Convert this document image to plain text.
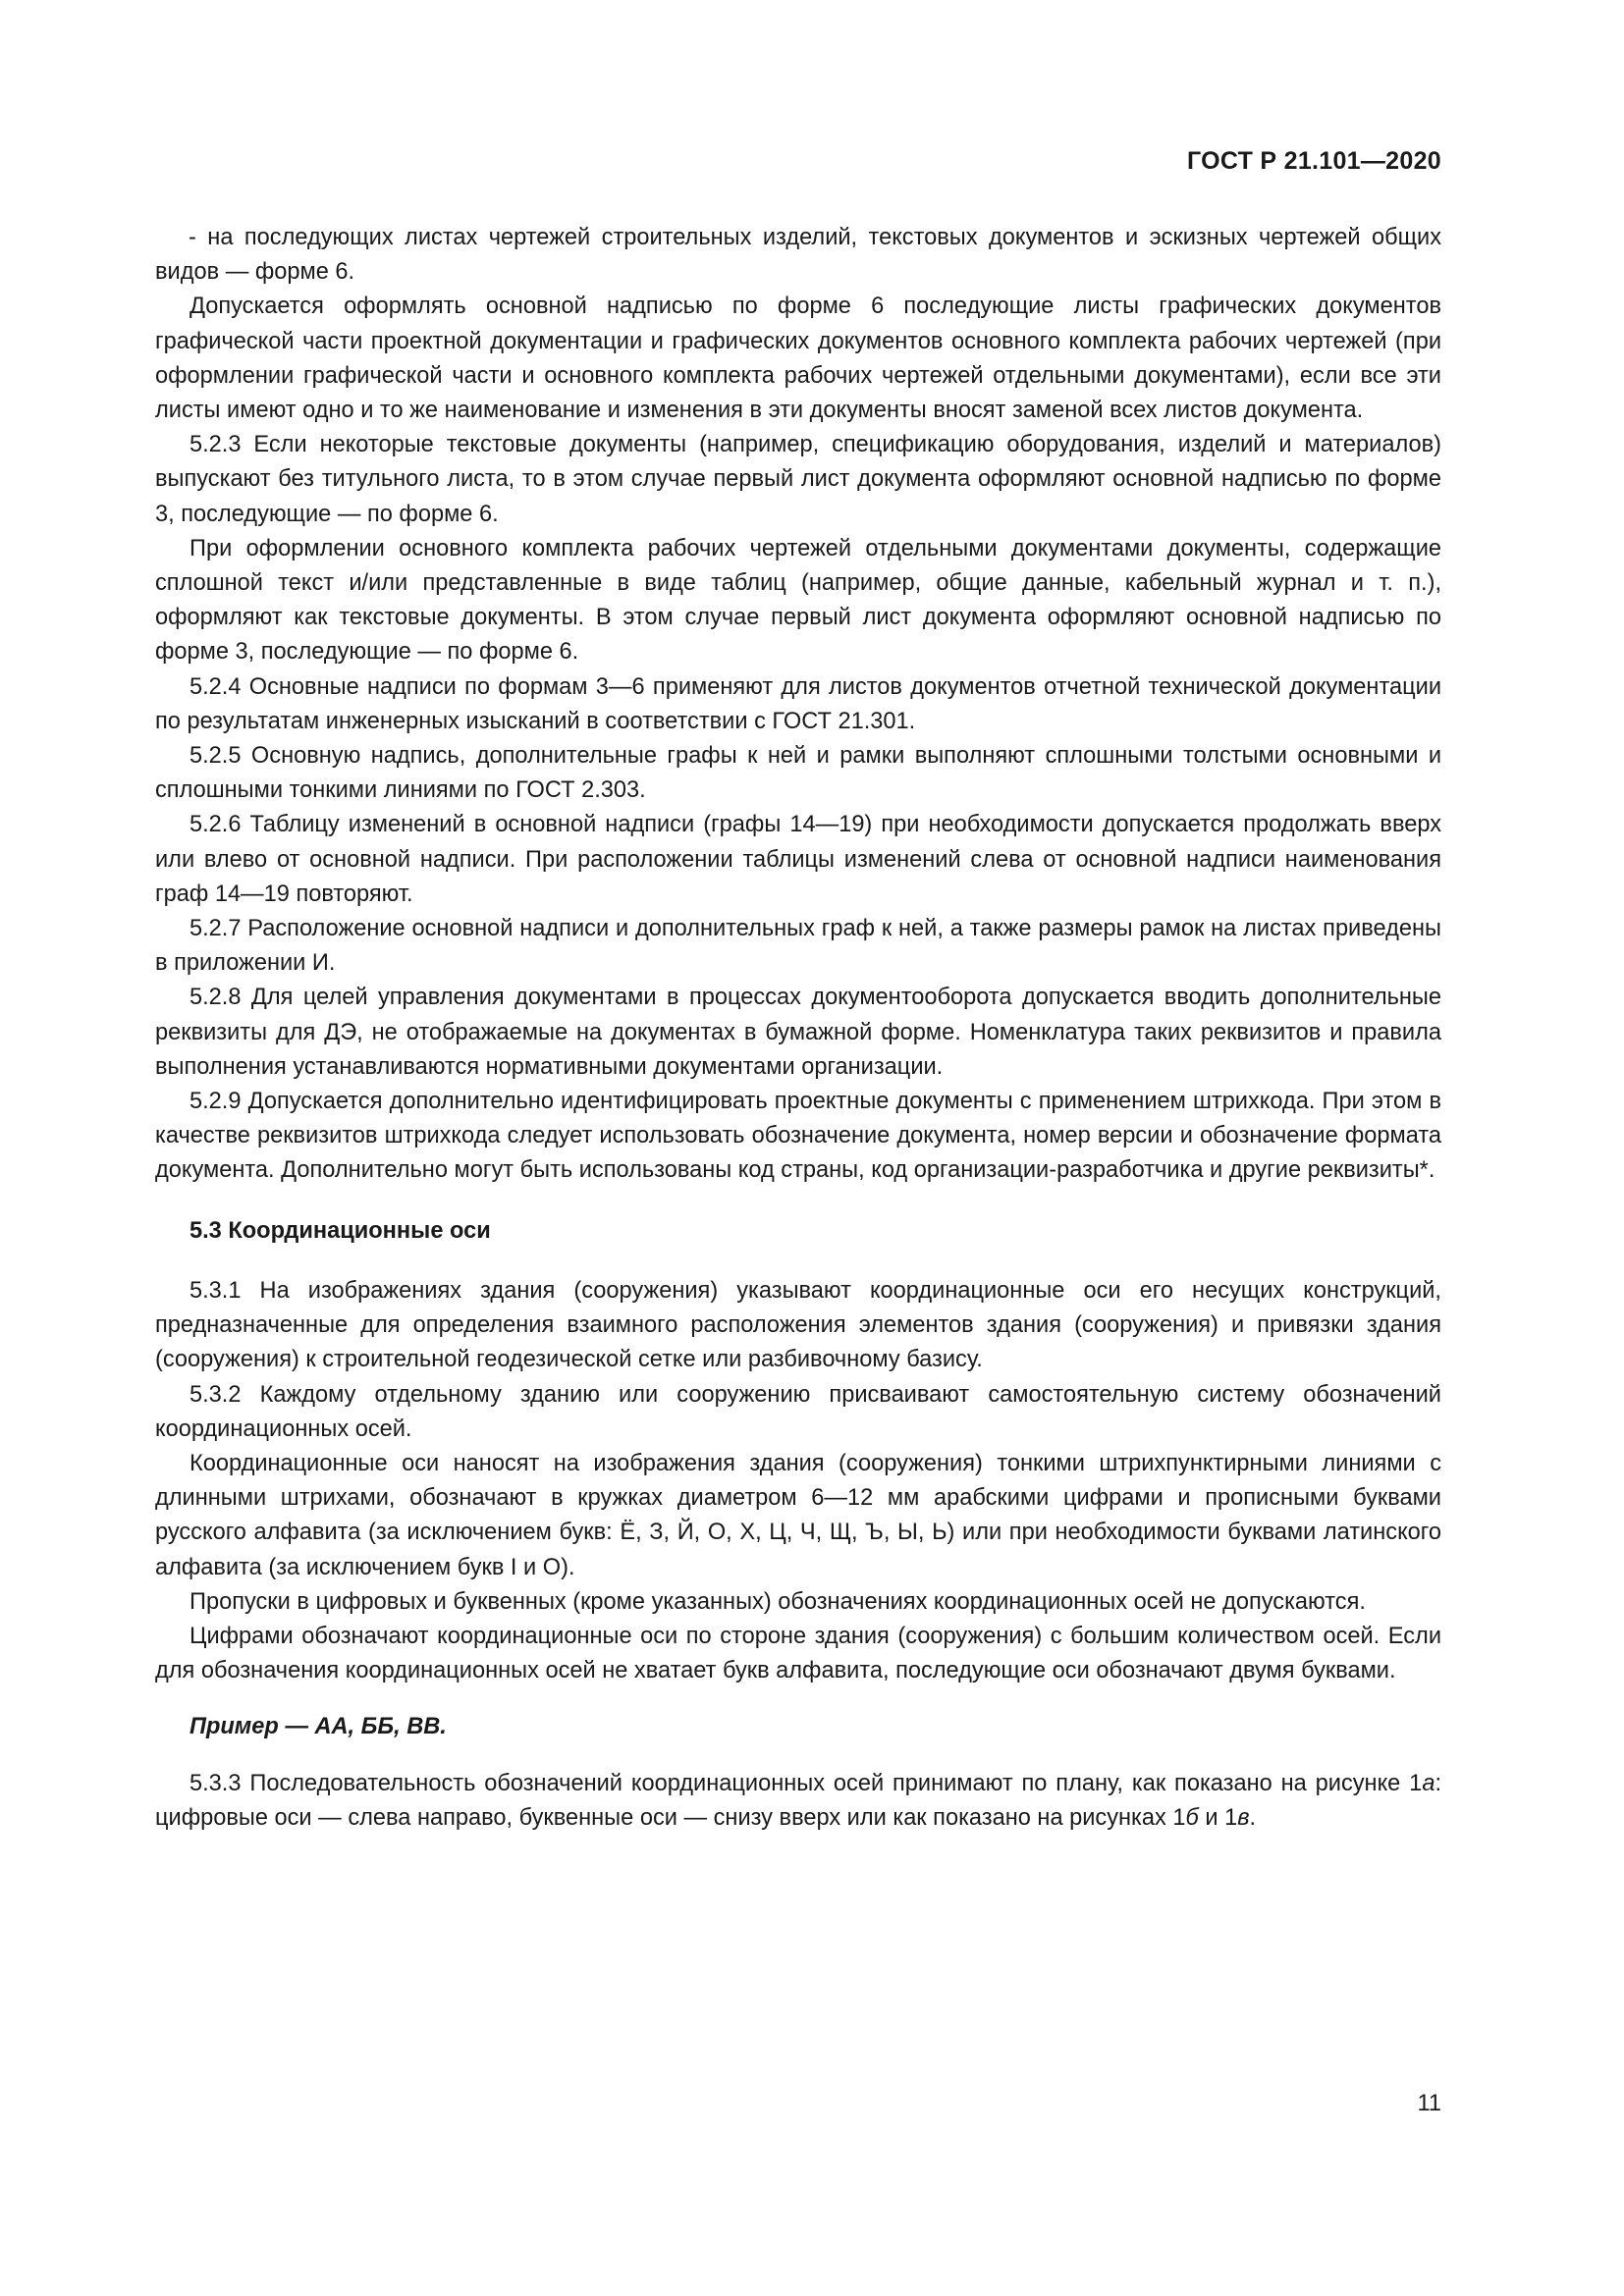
ГОСТ Р 21.101—2020

- на последующих листах чертежей строительных изделий, текстовых документов и эскизных чертежей общих видов — форме 6.

Допускается оформлять основной надписью по форме 6 последующие листы графических документов графической части проектной документации и графических документов основного комплекта рабочих чертежей (при оформлении графической части и основного комплекта рабочих чертежей отдельными документами), если все эти листы имеют одно и то же наименование и изменения в эти документы вносят заменой всех листов документа.

5.2.3 Если некоторые текстовые документы (например, спецификацию оборудования, изделий и материалов) выпускают без титульного листа, то в этом случае первый лист документа оформляют основной надписью по форме 3, последующие — по форме 6.

При оформлении основного комплекта рабочих чертежей отдельными документами документы, содержащие сплошной текст и/или представленные в виде таблиц (например, общие данные, кабельный журнал и т. п.), оформляют как текстовые документы. В этом случае первый лист документа оформляют основной надписью по форме 3, последующие — по форме 6.

5.2.4 Основные надписи по формам 3—6 применяют для листов документов отчетной технической документации по результатам инженерных изысканий в соответствии с ГОСТ 21.301.

5.2.5 Основную надпись, дополнительные графы к ней и рамки выполняют сплошными толстыми основными и сплошными тонкими линиями по ГОСТ 2.303.

5.2.6 Таблицу изменений в основной надписи (графы 14—19) при необходимости допускается продолжать вверх или влево от основной надписи. При расположении таблицы изменений слева от основной надписи наименования граф 14—19 повторяют.

5.2.7 Расположение основной надписи и дополнительных граф к ней, а также размеры рамок на листах приведены в приложении И.

5.2.8 Для целей управления документами в процессах документооборота допускается вводить дополнительные реквизиты для ДЭ, не отображаемые на документах в бумажной форме. Номенклатура таких реквизитов и правила выполнения устанавливаются нормативными документами организации.

5.2.9 Допускается дополнительно идентифицировать проектные документы с применением штрихкода. При этом в качестве реквизитов штрихкода следует использовать обозначение документа, номер версии и обозначение формата документа. Дополнительно могут быть использованы код страны, код организации-разработчика и другие реквизиты*.

5.3 Координационные оси

5.3.1 На изображениях здания (сооружения) указывают координационные оси его несущих конструкций, предназначенные для определения взаимного расположения элементов здания (сооружения) и привязки здания (сооружения) к строительной геодезической сетке или разбивочному базису.

5.3.2 Каждому отдельному зданию или сооружению присваивают самостоятельную систему обозначений координационных осей.

Координационные оси наносят на изображения здания (сооружения) тонкими штрихпунктирными линиями с длинными штрихами, обозначают в кружках диаметром 6—12 мм арабскими цифрами и прописными буквами русского алфавита (за исключением букв: Ё, З, Й, О, Х, Ц, Ч, Щ, Ъ, Ы, Ь) или при необходимости буквами латинского алфавита (за исключением букв I и O).

Пропуски в цифровых и буквенных (кроме указанных) обозначениях координационных осей не допускаются.

Цифрами обозначают координационные оси по стороне здания (сооружения) с большим количеством осей. Если для обозначения координационных осей не хватает букв алфавита, последующие оси обозначают двумя буквами.

Пример — АА, ББ, ВВ.

5.3.3 Последовательность обозначений координационных осей принимают по плану, как показано на рисунке 1а: цифровые оси — слева направо, буквенные оси — снизу вверх или как показано на рисунках 1б и 1в.

11
